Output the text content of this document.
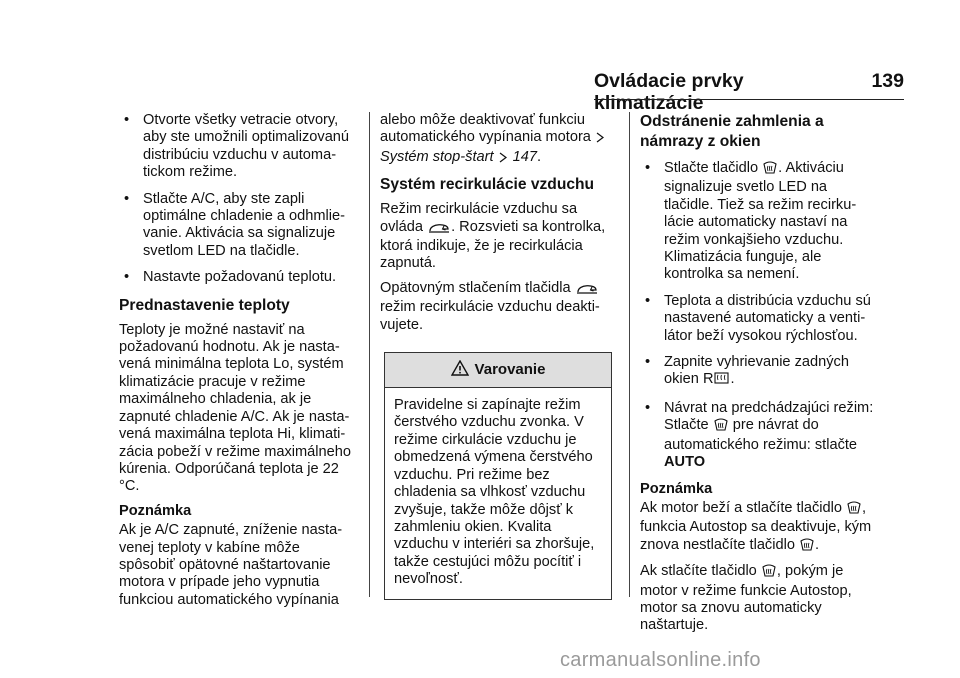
Ovládacie prvky klimatizácie
139

• Otvorte všetky vetracie otvory, aby ste umožnili optimalizovanú distribúciu vzduchu v automa- tickom režime.

• Stlačte A/C, aby ste zapli optimálne chladenie a odhmlie- vanie. Aktivácia sa signalizuje svetlom LED na tlačidle.

• Nastavte požadovanú teplotu.

Prednastavenie teploty

Teploty je možné nastaviť na požadovanú hodnotu. Ak je nasta- vená minimálna teplota Lo, systém klimatizácie pracuje v režime maximálneho chladenia, ak je zapnuté chladenie A/C. Ak je nasta- vená maximálna teplota Hi, klimati- zácia pobeží v režime maximálneho kúrenia. Odporúčaná teplota je 22 °C.

Poznámka

Ak je A/C zapnuté, zníženie nasta- venej teploty v kabíne môže spôsobiť opätovné naštartovanie motora v prípade jeho vypnutia funkciou automatického vypínania

alebo môže deaktivovať funkciu automatického vypínania motora
Systém stop-štart 147.

Systém recirkulácie vzduchu

Režim recirkulácie vzduchu sa ovláda . Rozsvieti sa kontrolka, ktorá indikuje, že je recirkulácia zapnutá.

Opätovným stlačením tlačidla  režim recirkulácie vzduchu deakti- vujete.

Varovanie
Pravidelne si zapínajte režim čerstvého vzduchu zvonka. V režime cirkulácie vzduchu je obmedzená výmena čerstvého vzduchu. Pri režime bez chladenia sa vlhkosť vzduchu zvyšuje, takže môže dôjsť k zahmleniu okien. Kvalita vzduchu v interiéri sa zhoršuje, takže cestujúci môžu pocítiť i nevoľnosť.

Odstránenie zahmlenia a námrazy z okien

• Stlačte tlačidlo . Aktiváciu signalizuje svetlo LED na tlačidle. Tiež sa režim recirku- lácie automaticky nastaví na režim vonkajšieho vzduchu. Klimatizácia funguje, ale kontrolka sa nemení.

• Teplota a distribúcia vzduchu sú nastavené automaticky a venti- látor beží vysokou rýchlosťou.

• Zapnite vyhrievanie zadných okien R .

• Návrat na predchádzajúci režim: Stlačte pre návrat do automatického režimu: stlačte AUTO

Poznámka

Ak motor beží a stlačíte tlačidlo , funkcia Autostop sa deaktivuje, kým znova nestlačíte tlačidlo .

Ak stlačíte tlačidlo , pokým je motor v režime funkcie Autostop, motor sa znovu automaticky naštartuje.

carmanualsonline.info
